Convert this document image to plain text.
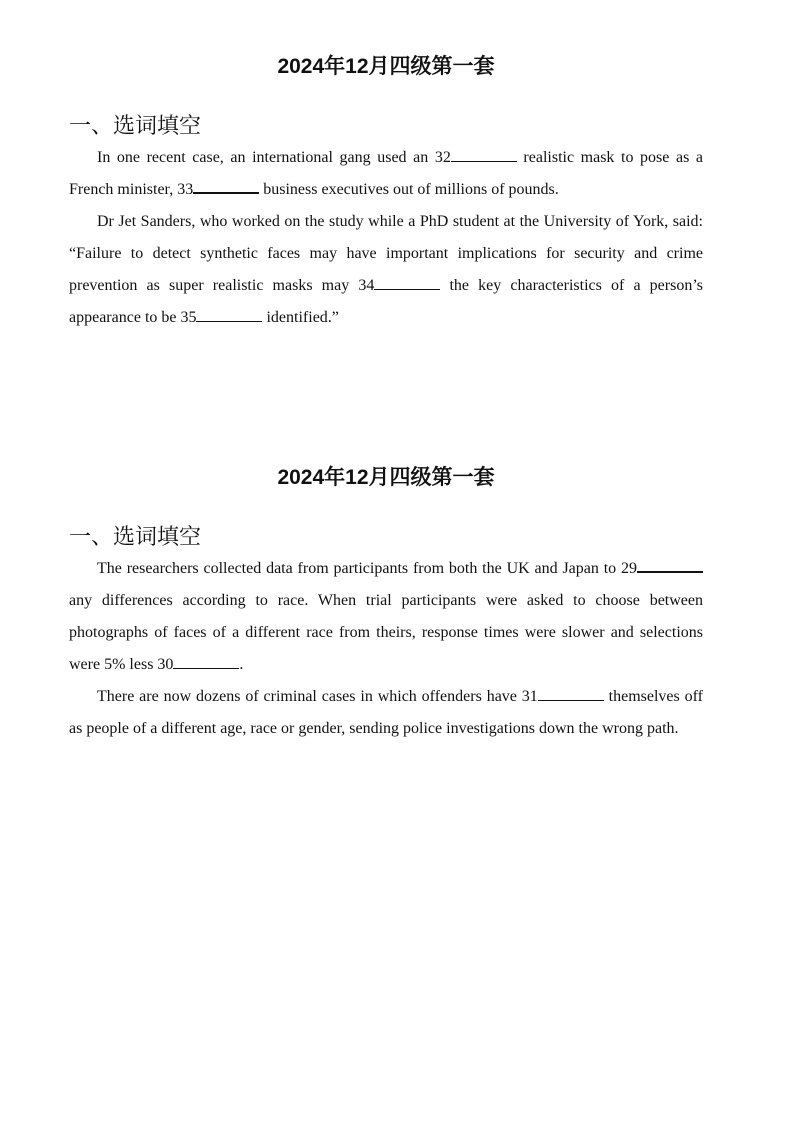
2024年12月四级第一套
一、选词填空

In one recent case, an international gang used an 32	realistic mask to pose as a French minister, 33	business executives out of millions of pounds.

Dr Jet Sanders, who worked on the study while a PhD student at the University of York, said: “Failure to detect synthetic faces may have important implications for security and crime prevention as super realistic masks may 34	the key characteristics of a person’s appearance to be 35	identified.”

2024年12月四级第一套
一、选词填空

The researchers collected data from participants from both the UK and Japan to 29 any differences according to race. When trial participants were asked to choose between photographs of faces of a different race from theirs, response times were slower and selections were 5% less 30	.

There are now dozens of criminal cases in which offenders have 31	themselves off as people of a different age, race or gender, sending police investigations down the wrong path.
